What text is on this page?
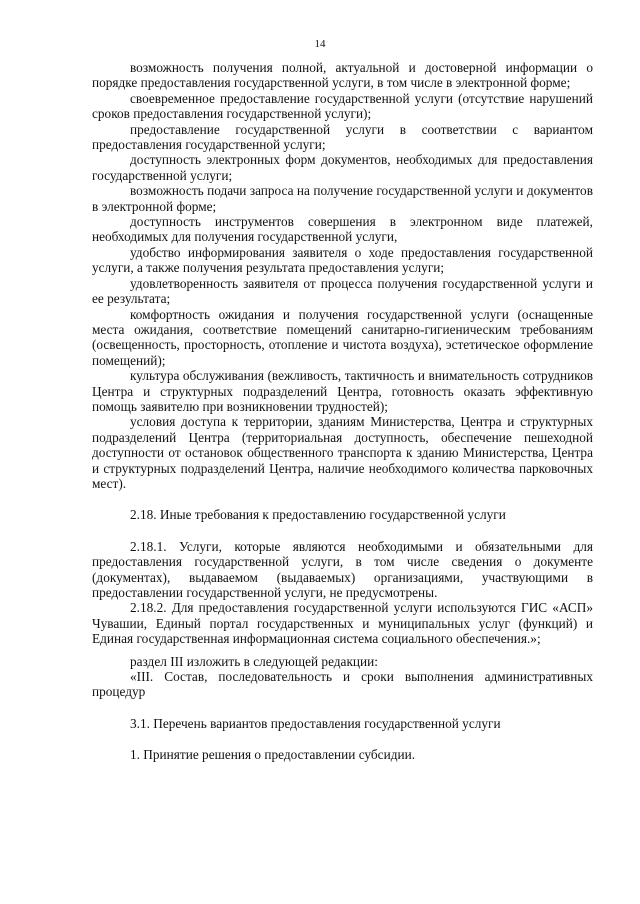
14

возможность получения полной, актуальной и достоверной информации о порядке предоставления государственной услуги, в том числе в электронной форме;

своевременное предоставление государственной услуги (отсутствие нарушений сроков предоставления государственной услуги);

предоставление государственной услуги в соответствии с вариантом предоставления государственной услуги;

доступность электронных форм документов, необходимых для предоставления государственной услуги;

возможность подачи запроса на получение государственной услуги и документов в электронной форме;

доступность инструментов совершения в электронном виде платежей, необходимых для получения государственной услуги,

удобство информирования заявителя о ходе предоставления государственной услуги, а также получения результата предоставления услуги;

удовлетворенность заявителя от процесса получения государственной услуги и ее результата;

комфортность ожидания и получения государственной услуги (оснащенные места ожидания, соответствие помещений санитарно-гигиеническим требованиям (освещенность, просторность, отопление и чистота воздуха), эстетическое оформление помещений);

культура обслуживания (вежливость, тактичность и внимательность сотрудников Центра и структурных подразделений Центра, готовность оказать эффективную помощь заявителю при возникновении трудностей);

условия доступа к территории, зданиям Министерства, Центра и структурных подразделений Центра (территориальная доступность, обеспечение пешеходной доступности от остановок общественного транспорта к зданию Министерства, Центра и структурных подразделений Центра, наличие необходимого количества парковочных мест).

2.18. Иные требования к предоставлению государственной услуги

2.18.1. Услуги, которые являются необходимыми и обязательными для предоставления государственной услуги, в том числе сведения о документе (документах), выдаваемом (выдаваемых) организациями, участвующими в предоставлении государственной услуги, не предусмотрены.

2.18.2. Для предоставления государственной услуги используются ГИС «АСП» Чувашии, Единый портал государственных и муниципальных услуг (функций) и Единая государственная информационная система социального обеспечения.»;

раздел III изложить в следующей редакции:

«III. Состав, последовательность и сроки выполнения административных процедур

3.1. Перечень вариантов предоставления государственной услуги

1. Принятие решения о предоставлении субсидии.
